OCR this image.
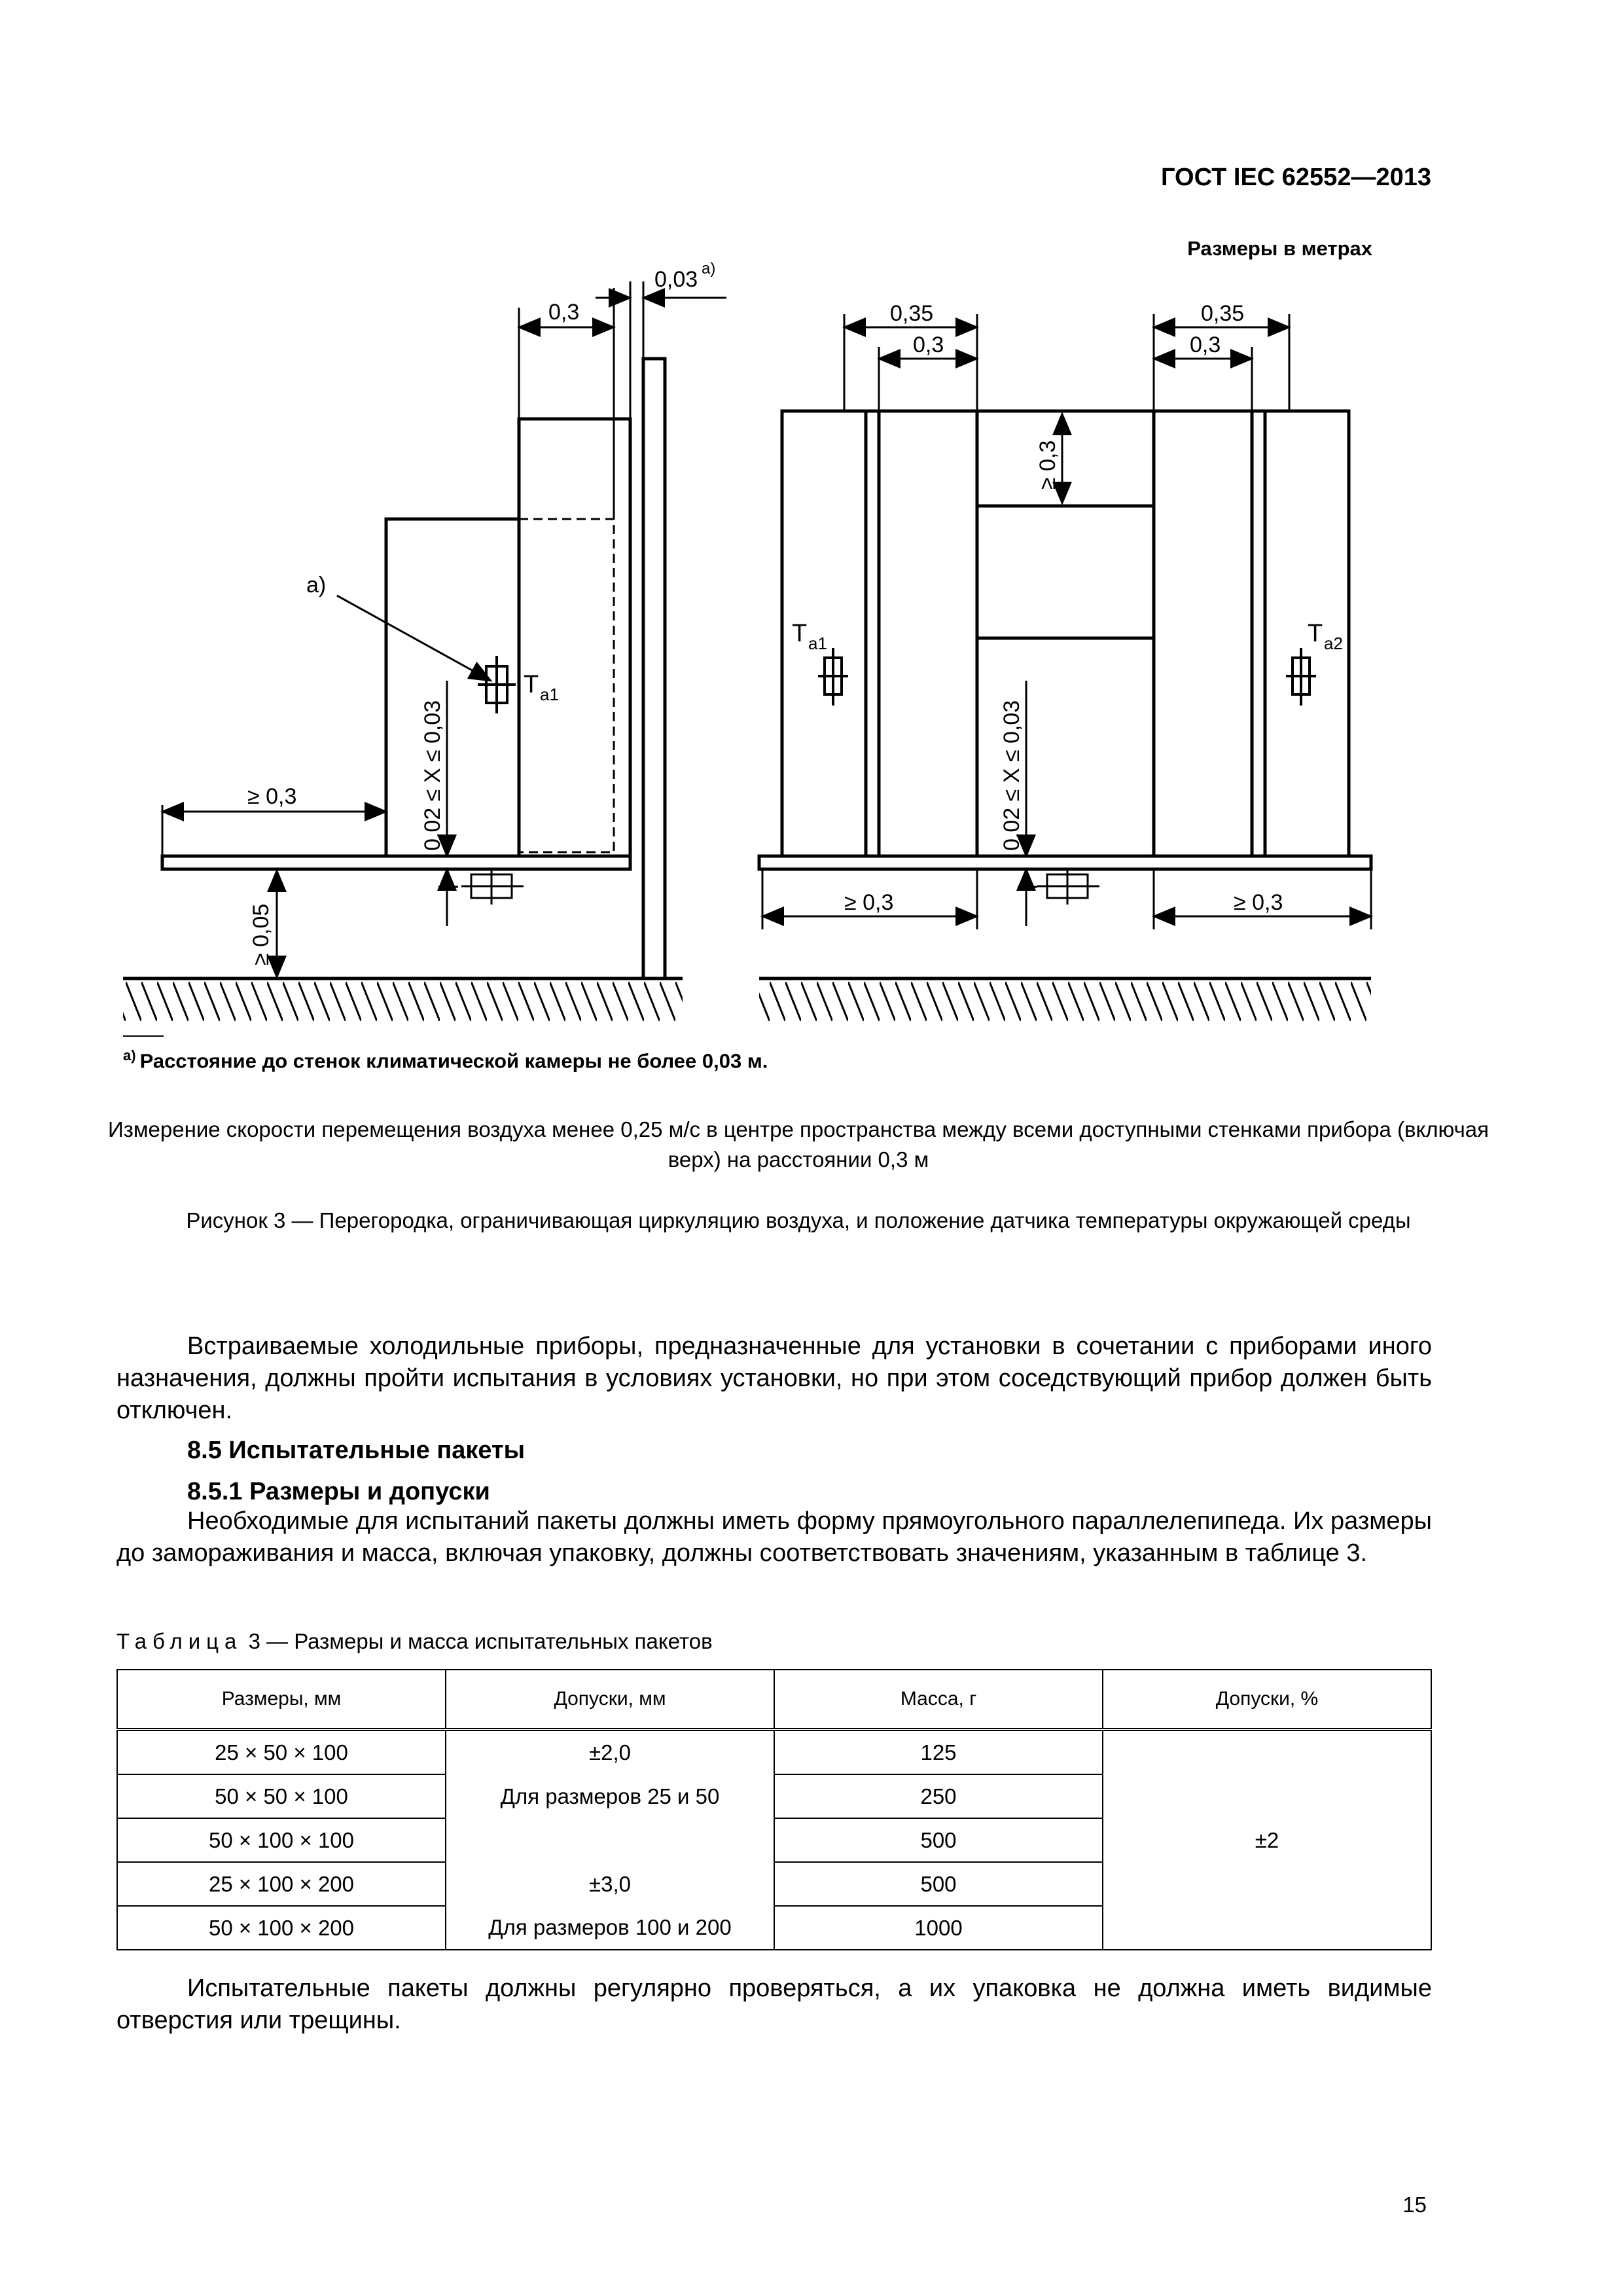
ГОСТ IEC 62552—2013
Размеры в метрах
а)
T a1
0,3
0,03 а)
≥ 0,3	0,02 ≤ X ≤ 0,03
≥ 0,05
T a1	T a2
0,35
0,3
0,35
0,3
≥ 0,3
0,02 ≤ X ≤ 0,03
≥ 0,3	≥ 0,3
$^{а)}$ Расстояние до стенок климатической камеры не более 0,03 м.
Измерение скорости перемещения воздуха менее 0,25 м/с в центре пространства между всеми доступными стенками прибора (включая верх) на расстоянии 0,3 м
Рисунок 3 — Перегородка, ограничивающая циркуляцию воздуха, и положение датчика температуры окружающей среды
Встраиваемые холодильные приборы, предназначенные для установки в сочетании с приборами иного назначения, должны пройти испытания в условиях установки, но при этом соседствующий прибор должен быть отключен.
8.5 Испытательные пакеты
8.5.1 Размеры и допуски
Необходимые для испытаний пакеты должны иметь форму прямоугольного параллелепипеда. Их размеры до замораживания и масса, включая упаковку, должны соответствовать значениям, указанным в таблице 3.
Таблица 3 — Размеры и масса испытательных пакетов
Размеры, мм	Допуски, мм	Масса, г	Допуски, %
25 × 50 × 100	±2,0	125	
50 × 50 × 100	Для размеров 25 и 50	250	
50 × 100 × 100		500	±2
25 × 100 × 200	±3,0	500	
50 × 100 × 200	Для размеров 100 и 200	1000	
Испытательные пакеты должны регулярно проверяться, а их упаковка не должна иметь видимые отверстия или трещины.
15
